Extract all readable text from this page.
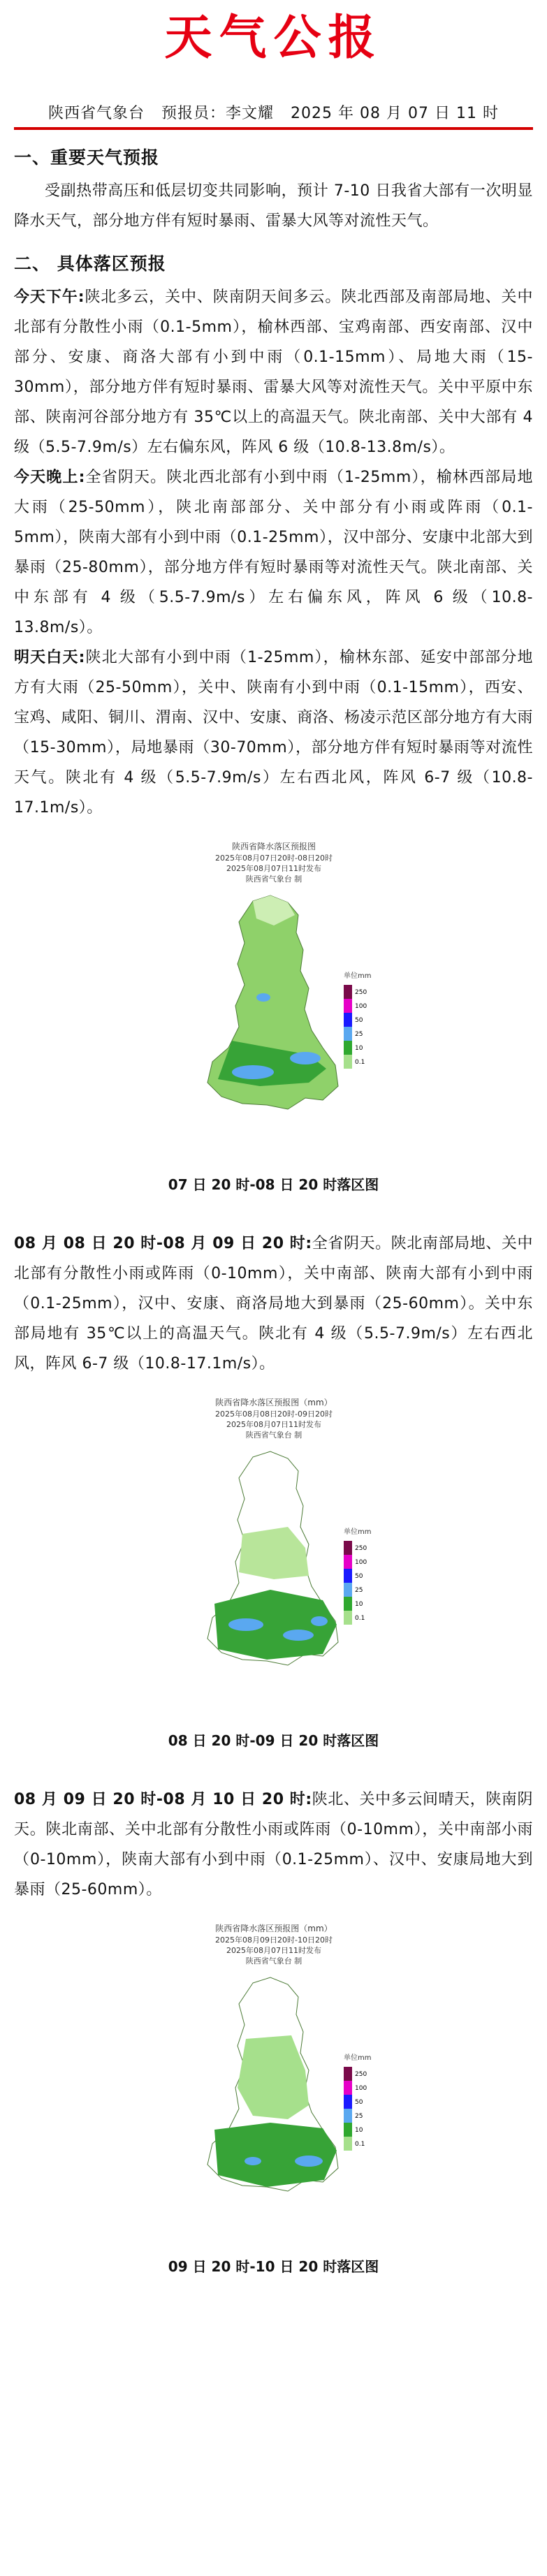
天气公报
陕西省气象台 预报员：李文耀 2025 年 08 月 07 日 11 时
一、重要天气预报

受副热带高压和低层切变共同影响，预计 7-10 日我省大部有一次明显降水天气，部分地方伴有短时暴雨、雷暴大风等对流性天气。

二、 具体落区预报

今天下午:陕北多云，关中、陕南阴天间多云。陕北西部及南部局地、关中北部有分散性小雨（0.1-5mm），榆林西部、宝鸡南部、西安南部、汉中部分、安康、商洛大部有小到中雨（0.1-15mm）、局地大雨（15-30mm），部分地方伴有短时暴雨、雷暴大风等对流性天气。关中平原中东部、陕南河谷部分地方有 35℃以上的高温天气。陕北南部、关中大部有 4 级（5.5-7.9m/s）左右偏东风，阵风 6 级（10.8-13.8m/s）。

今天晚上:全省阴天。陕北西北部有小到中雨（1-25mm），榆林西部局地大雨（25-50mm），陕北南部部分、关中部分有小雨或阵雨（0.1-5mm），陕南大部有小到中雨（0.1-25mm），汉中部分、安康中北部大到暴雨（25-80mm），部分地方伴有短时暴雨等对流性天气。陕北南部、关中东部有 4 级（5.5-7.9m/s）左右偏东风，阵风 6 级（10.8-13.8m/s）。

明天白天:陕北大部有小到中雨（1-25mm），榆林东部、延安中部部分地方有大雨（25-50mm），关中、陕南有小到中雨（0.1-15mm），西安、宝鸡、咸阳、铜川、渭南、汉中、安康、商洛、杨凌示范区部分地方有大雨（15-30mm），局地暴雨（30-70mm），部分地方伴有短时暴雨等对流性天气。陕北有 4 级（5.5-7.9m/s）左右西北风，阵风 6-7 级（10.8-17.1m/s）。

陕西省降水落区预报图
2025年08月07日20时-08日20时
2025年08月07日11时发布
陕西省气象台 制
单位mm
250
100
50
25
10
0.1
07 日 20 时-08 日 20 时落区图

08 月 08 日 20 时-08 月 09 日 20 时:全省阴天。陕北南部局地、关中北部有分散性小雨或阵雨（0-10mm），关中南部、陕南大部有小到中雨（0.1-25mm），汉中、安康、商洛局地大到暴雨（25-60mm）。关中东部局地有 35℃以上的高温天气。陕北有 4 级（5.5-7.9m/s）左右西北风，阵风 6-7 级（10.8-17.1m/s）。

陕西省降水落区预报图（mm）
2025年08月08日20时-09日20时
2025年08月07日11时发布
陕西省气象台 制
单位mm
250
100
50
25
10
0.1
08 日 20 时-09 日 20 时落区图

08 月 09 日 20 时-08 月 10 日 20 时:陕北、关中多云间晴天，陕南阴天。陕北南部、关中北部有分散性小雨或阵雨（0-10mm），关中南部小雨（0-10mm），陕南大部有小到中雨（0.1-25mm）、汉中、安康局地大到暴雨（25-60mm）。

陕西省降水落区预报图（mm）
2025年08月09日20时-10日20时
2025年08月07日11时发布
陕西省气象台 制
单位mm
250
100
50
25
10
0.1
09 日 20 时-10 日 20 时落区图
